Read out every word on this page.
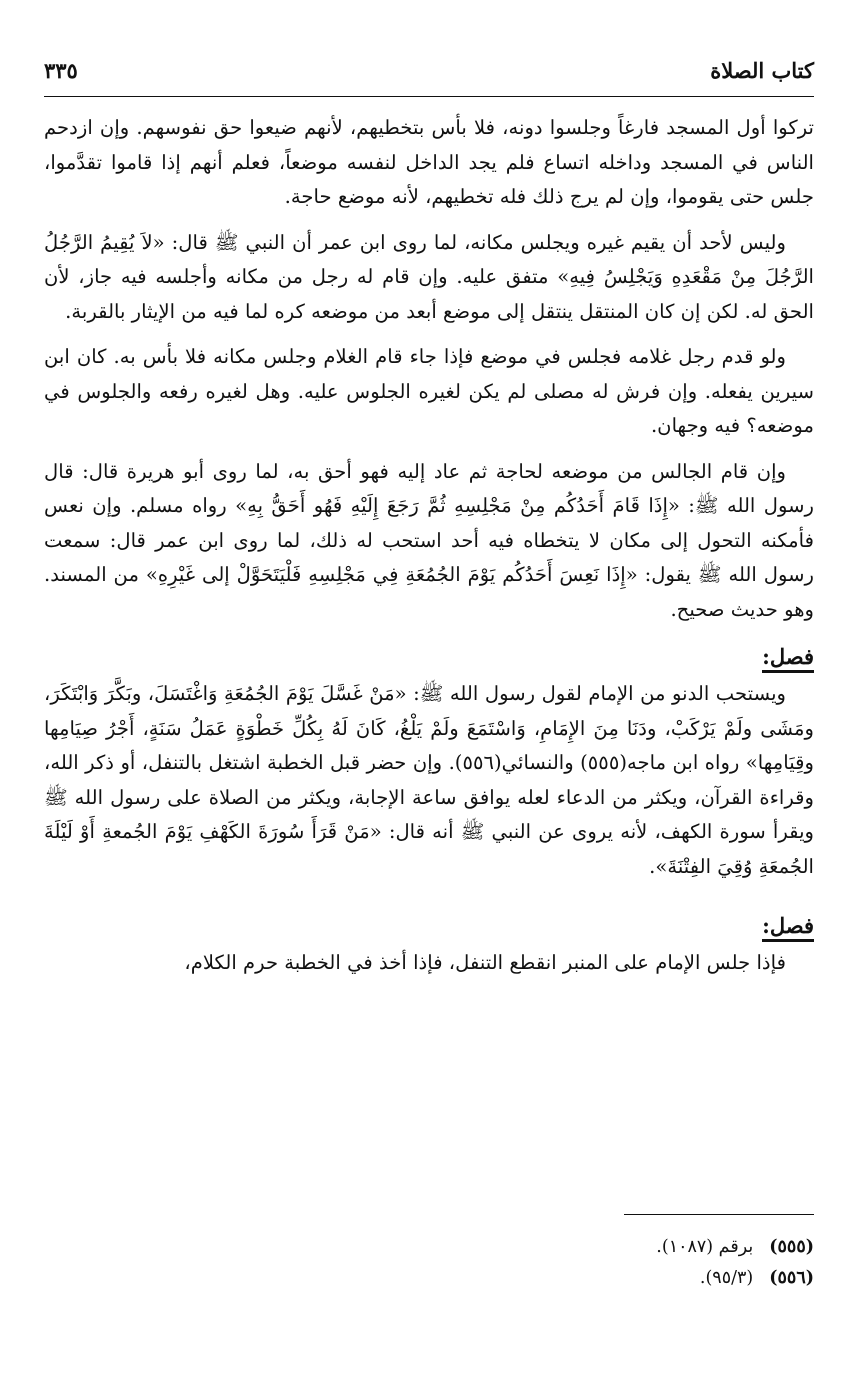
كتاب الصلاة
٣٣٥

تركوا أول المسجد فارغاً وجلسوا دونه، فلا بأس بتخطيهم، لأنهم ضيعوا حق نفوسهم. وإن ازدحم الناس في المسجد وداخله اتساع فلم يجد الداخل لنفسه موضعاً، فعلم أنهم إذا قاموا تقدَّموا، جلس حتى يقوموا، وإن لم يرج ذلك فله تخطيهم، لأنه موضع حاجة.

وليس لأحد أن يقيم غيره ويجلس مكانه، لما روى ابن عمر أن النبي ﷺ قال: «لاَ يُقِيمُ الرَّجُلُ الرَّجُلَ مِنْ مَقْعَدِهِ وَيَجْلِسُ فِيهِ» متفق عليه. وإن قام له رجل من مكانه وأجلسه فيه جاز، لأن الحق له. لكن إن كان المنتقل ينتقل إلى موضع أبعد من موضعه كره لما فيه من الإيثار بالقربة.

ولو قدم رجل غلامه فجلس في موضع فإذا جاء قام الغلام وجلس مكانه فلا بأس به. كان ابن سيرين يفعله. وإن فرش له مصلى لم يكن لغيره الجلوس عليه. وهل لغيره رفعه والجلوس في موضعه؟ فيه وجهان.

وإن قام الجالس من موضعه لحاجة ثم عاد إليه فهو أحق به، لما روى أبو هريرة قال: قال رسول الله ﷺ: «إِذَا قَامَ أَحَدُكُم مِنْ مَجْلِسِهِ ثُمَّ رَجَعَ إِلَيْهِ فَهُو أَحَقُّ بِهِ» رواه مسلم. وإن نعس فأمكنه التحول إلى مكان لا يتخطاه فيه أحد استحب له ذلك، لما روى ابن عمر قال: سمعت رسول الله ﷺ يقول: «إِذَا نَعِسَ أَحَدُكُم يَوْمَ الجُمُعَةِ فِي مَجْلِسِهِ فَلْيَتَحَوَّلْ إلى غَيْرِهِ» من المسند. وهو حديث صحيح.

فصل:

ويستحب الدنو من الإمام لقول رسول الله ﷺ: «مَنْ غَسَّلَ يَوْمَ الجُمُعَةِ وَاغْتَسَلَ، وبَكَّرَ وَابْتَكَرَ، ومَشَى ولَمْ يَرْكَبْ، ودَنَا مِنَ الإِمَامِ، وَاسْتَمَعَ ولَمْ يَلْغُ، كَانَ لَهُ بِكُلِّ خَطْوَةٍ عَمَلُ سَنَةٍ، أَجْرُ صِيَامِها وقِيَامِها» رواه ابن ماجه(٥٥٥) والنسائي(٥٥٦). وإن حضر قبل الخطبة اشتغل بالتنفل، أو ذكر الله، وقراءة القرآن، ويكثر من الدعاء لعله يوافق ساعة الإجابة، ويكثر من الصلاة على رسول الله ﷺ ويقرأ سورة الكهف، لأنه يروى عن النبي ﷺ أنه قال: «مَنْ قَرَأَ سُورَةَ الكَهْفِ يَوْمَ الجُمعةِ أَوْ لَيْلَةَ الجُمعَةِ وُقِيَ الفِتْنَةَ».

فصل:

فإذا جلس الإمام على المنبر انقطع التنفل، فإذا أخذ في الخطبة حرم الكلام،

(٥٥٥)
برقم (١٠٨٧).
(٥٥٦)
(٩٥/٣).
